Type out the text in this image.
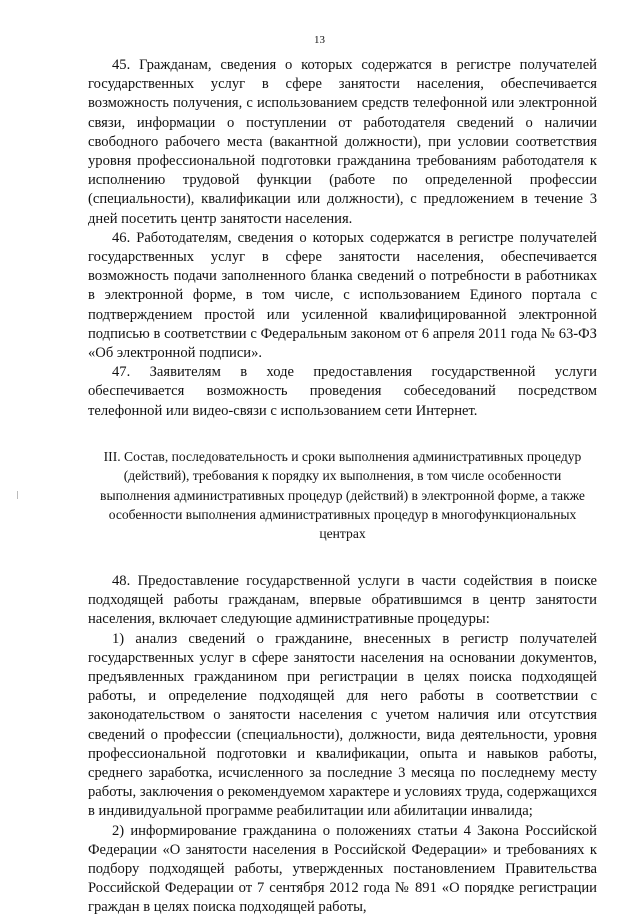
13

45. Гражданам, сведения о которых содержатся в регистре получателей государственных услуг в сфере занятости населения, обеспечивается возможность получения, с использованием средств телефонной или электронной связи, информации о поступлении от работодателя сведений о наличии свободного рабочего места (вакантной должности), при условии соответствия уровня профессиональной подготовки гражданина требованиям работодателя к исполнению трудовой функции (работе по определенной профессии (специальности), квалификации или должности), с предложением в течение 3 дней посетить центр занятости населения.

46. Работодателям, сведения о которых содержатся в регистре получателей государственных услуг в сфере занятости населения, обеспечивается возможность подачи заполненного бланка сведений о потребности в работниках в электронной форме, в том числе, с использованием Единого портала с подтверждением простой или усиленной квалифицированной электронной подписью в соответствии с Федеральным законом от 6 апреля 2011 года № 63-ФЗ «Об электронной подписи».

47. Заявителям в ходе предоставления государственной услуги обеспечивается возможность проведения собеседований посредством телефонной или видео-связи с использованием сети Интернет.

III. Состав, последовательность и сроки выполнения административных процедур (действий), требования к порядку их выполнения, в том числе особенности выполнения административных процедур (действий) в электронной форме, а также особенности выполнения административных процедур в многофункциональных центрах

48. Предоставление государственной услуги в части содействия в поиске подходящей работы гражданам, впервые обратившимся в центр занятости населения, включает следующие административные процедуры:

1) анализ сведений о гражданине, внесенных в регистр получателей государственных услуг в сфере занятости населения на основании документов, предъявленных гражданином при регистрации в целях поиска подходящей работы, и определение подходящей для него работы в соответствии с законодательством о занятости населения с учетом наличия или отсутствия сведений о профессии (специальности), должности, вида деятельности, уровня профессиональной подготовки и квалификации, опыта и навыков работы, среднего заработка, исчисленного за последние 3 месяца по последнему месту работы, заключения о рекомендуемом характере и условиях труда, содержащихся в индивидуальной программе реабилитации или абилитации инвалида;

2) информирование гражданина о положениях статьи 4 Закона Российской Федерации «О занятости населения в Российской Федерации» и требованиях к подбору подходящей работы, утвержденных постановлением Правительства Российской Федерации от 7 сентября 2012 года № 891 «О порядке регистрации граждан в целях поиска подходящей работы,
